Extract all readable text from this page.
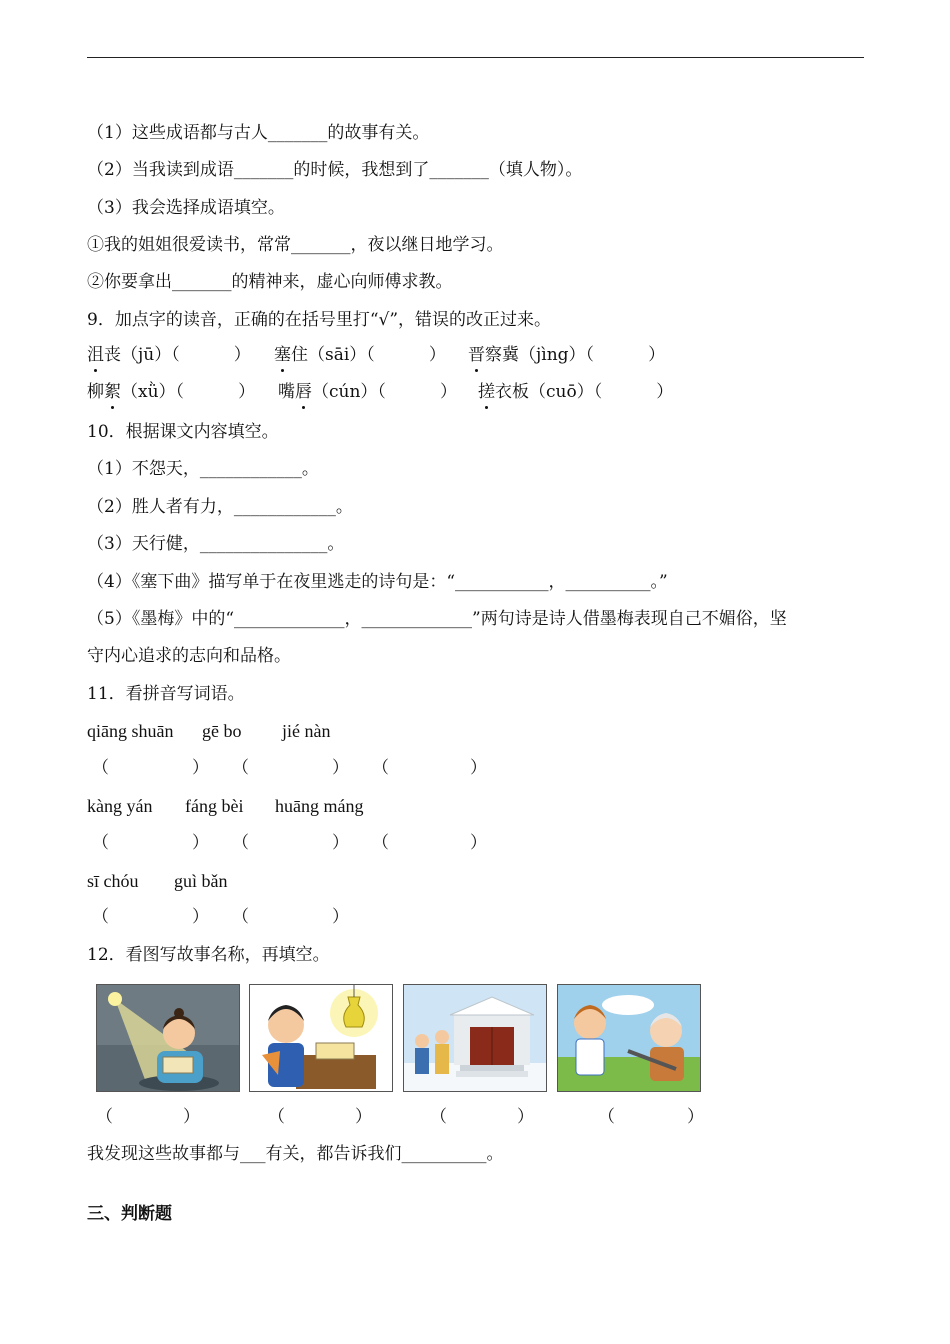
（1）这些成语都与古人_______的故事有关。
（2）当我读到成语_______的时候，我想到了_______（填人物）。
（3）我会选择成语填空。
①我的姐姐很爱读书，常常_______，夜以继日地学习。
②你要拿出_______的精神来，虚心向师傅求教。
9．加点字的读音，正确的在括号里打“√”，错误的改正过来。
沮丧（jū）（          ） 塞住（sāi）（          ） 晋察冀（jìng）（          ）
柳絮（xǜ）（          ） 嘴唇（cún）（          ） 搓衣板（cuō）（          ）
10．根据课文内容填空。
（1）不怨天，____________。
（2）胜人者有力，____________。
（3）天行健，_______________。
（4）《塞下曲》描写单于在夜里逃走的诗句是：“___________，__________。”
（5）《墨梅》中的“_____________，_____________”两句诗是诗人借墨梅表现自己不媚俗，坚
守内心追求的志向和品格。
11．看拼音写词语。
qiāng shuān gē bo jié nàn
（	） （	） （	）
kàng yán fáng bèi huāng máng
（	） （	） （	）
sī chóu guì bǎn
（	） （	）
12．看图写故事名称，再填空。
（	）	（	）	（	）	（	）
我发现这些故事都与___有关，都告诉我们__________。
三、判断题
